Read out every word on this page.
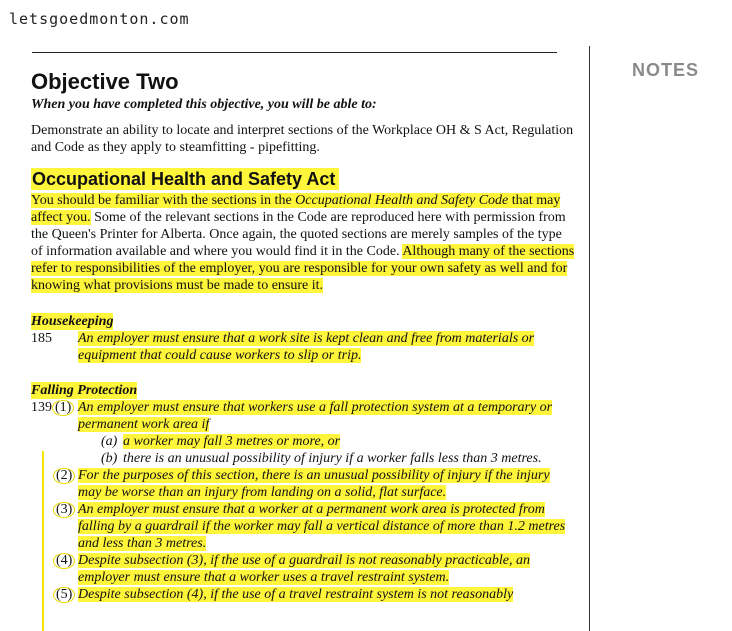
letsgoedmonton.com
NOTES
Objective Two

When you have completed this objective, you will be able to:

Demonstrate an ability to locate and interpret sections of the Workplace OH & S Act, Regulation and Code as they apply to steamfitting - pipefitting.

Occupational Health and Safety Act

You should be familiar with the sections in the Occupational Health and Safety Code that may affect you. Some of the relevant sections in the Code are reproduced here with permission from the Queen's Printer for Alberta. Once again, the quoted sections are merely samples of the type of information available and where you would find it in the Code. Although many of the sections refer to responsibilities of the employer, you are responsible for your own safety as well and for knowing what provisions must be made to ensure it.

Housekeeping
185	An employer must ensure that a work site is kept clean and free from materials or equipment that could cause workers to slip or trip.
Falling Protection
139 (1) An employer must ensure that workers use a fall protection system at a temporary or permanent work area if
(a) a worker may fall 3 metres or more, or
(b) there is an unusual possibility of injury if a worker falls less than 3 metres.
(2) For the purposes of this section, there is an unusual possibility of injury if the injury may be worse than an injury from landing on a solid, flat surface.
(3) An employer must ensure that a worker at a permanent work area is protected from falling by a guardrail if the worker may fall a vertical distance of more than 1.2 metres and less than 3 metres.
(4) Despite subsection (3), if the use of a guardrail is not reasonably practicable, an employer must ensure that a worker uses a travel restraint system.
(5) Despite subsection (4), if the use of a travel restraint system is not reasonably
